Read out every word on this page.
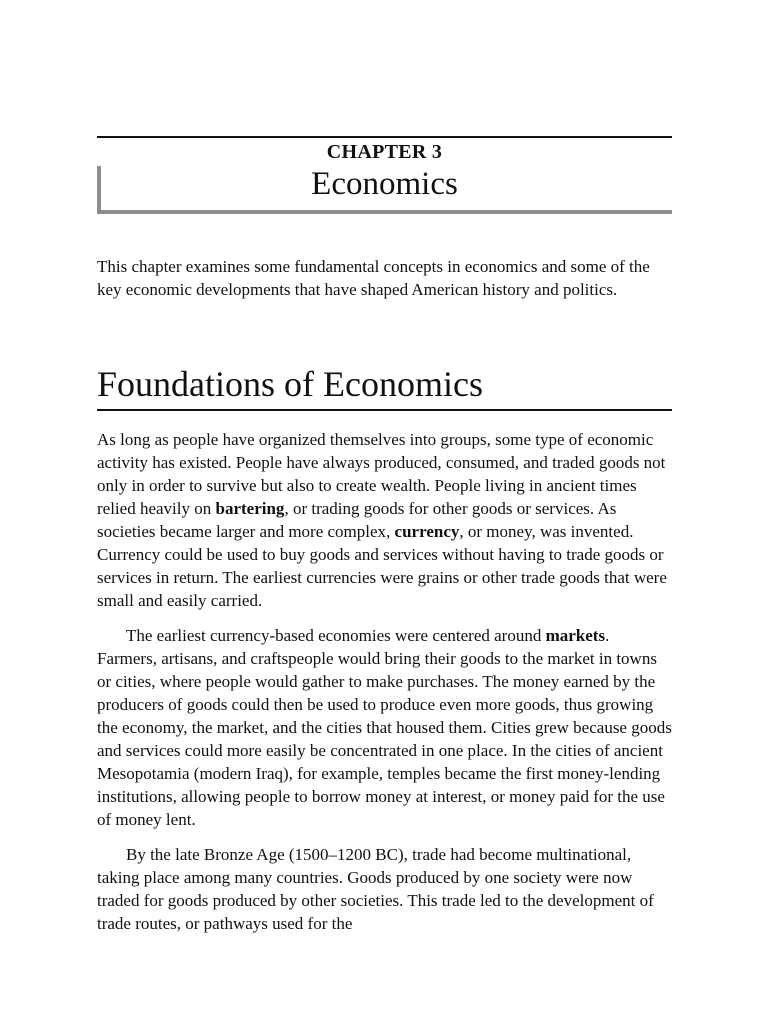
CHAPTER 3
Economics
This chapter examines some fundamental concepts in economics and some of the key economic developments that have shaped American history and politics.
Foundations of Economics

As long as people have organized themselves into groups, some type of economic activity has existed. People have always produced, consumed, and traded goods not only in order to survive but also to create wealth. People living in ancient times relied heavily on bartering, or trading goods for other goods or services. As societies became larger and more complex, currency, or money, was invented. Currency could be used to buy goods and services without having to trade goods or services in return. The earliest currencies were grains or other trade goods that were small and easily carried.

The earliest currency-based economies were centered around markets. Farmers, artisans, and craftspeople would bring their goods to the market in towns or cities, where people would gather to make purchases. The money earned by the producers of goods could then be used to produce even more goods, thus growing the economy, the market, and the cities that housed them. Cities grew because goods and services could more easily be concentrated in one place. In the cities of ancient Mesopotamia (modern Iraq), for example, temples became the first money-lending institutions, allowing people to borrow money at interest, or money paid for the use of money lent.

By the late Bronze Age (1500–1200 BC), trade had become multinational, taking place among many countries. Goods produced by one society were now traded for goods produced by other societies. This trade led to the development of trade routes, or pathways used for the
